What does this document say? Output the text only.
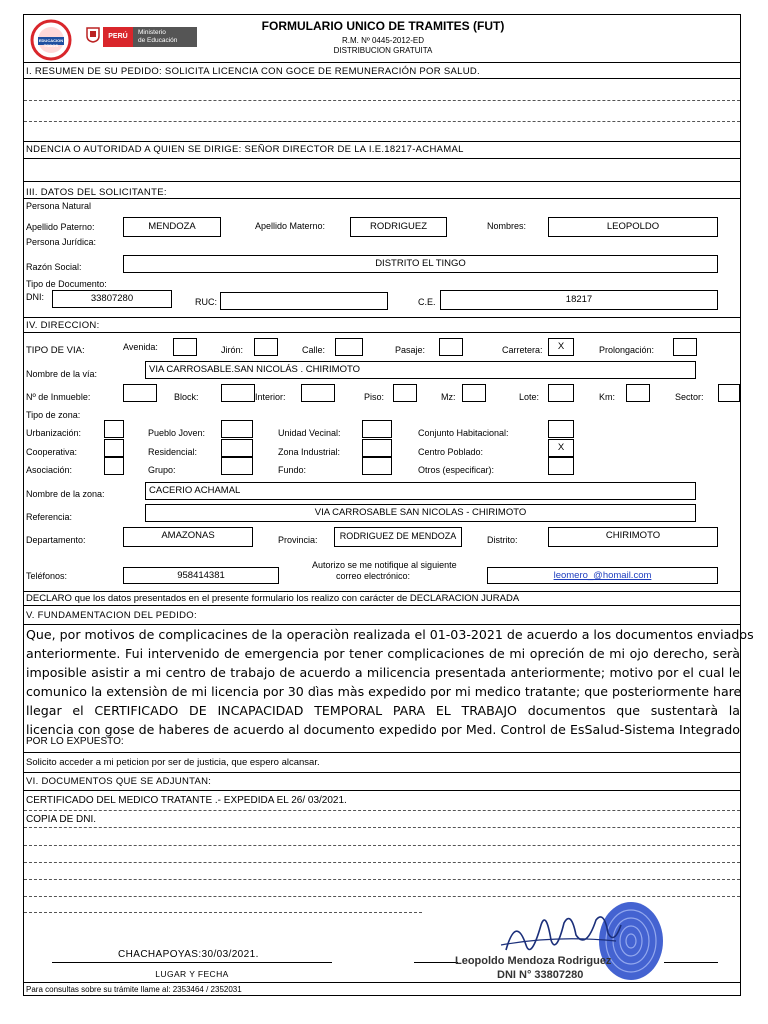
EDUCACION TODOS
PERÚ
Ministerio
de Educación
FORMULARIO UNICO DE TRAMITES (FUT)
R.M. Nº 0445-2012-ED
DISTRIBUCION GRATUITA
I. RESUMEN DE SU PEDIDO: SOLICITA LICENCIA CON GOCE DE REMUNERACIÓN POR SALUD.
NDENCIA O AUTORIDAD A QUIEN SE DIRIGE: SEÑOR DIRECTOR DE LA I.E.18217-ACHAMAL
III. DATOS DEL SOLICITANTE:
Persona Natural
Apellido Paterno:	MENDOZA	Apellido Materno:	RODRIGUEZ	Nombres:	LEOPOLDO
Persona Jurídica:
Razón Social:	DISTRITO EL TINGO
Tipo de Documento:
DNI:	33807280	RUC:	C.E.	18217
IV. DIRECCION:
TIPO DE VIA:	Avenida:	Jirón:	Calle:	Pasaje:	Carretera:	X	Prolongación:
Nombre de la vía:	VIA CARROSABLE.SAN NICOLÁS . CHIRIMOTO
Nº de Inmueble:	Block:	Interior:	Piso:	Mz:	Lote:	Km:	Sector:
Tipo de zona:
Urbanización:	Pueblo Joven:	Unidad Vecinal:	Conjunto Habitacional:
Cooperativa:	Residencial:	Zona Industrial:	Centro Poblado:	X
Asociación:	Grupo:	Fundo:	Otros (especificar):
Nombre de la zona:	CACERIO ACHAMAL
Referencia:	VIA CARROSABLE SAN NICOLAS - CHIRIMOTO
Departamento:	AMAZONAS	Provincia:	RODRIGUEZ DE MENDOZA	Distrito:	CHIRIMOTO
Teléfonos:	958414381
Autorizo se me notifique al siguiente
correo electrónico:	leomero_@homail.com
DECLARO que los datos presentados en el presente formulario los realizo con carácter de DECLARACION JURADA
V. FUNDAMENTACION DEL PEDIDO:
Que, por motivos de complicacines de la operaciòn realizada el 01-03-2021 de acuerdo a los documentos enviados
anteriormente. Fui intervenido de emergencia por tener complicaciones de mi opreción de mi ojo derecho, serà
imposible asistir a mi centro de trabajo de acuerdo a milicencia presentada anteriormente; motivo por el cual le
comunico la extensiòn de mi licencia por 30 dìas màs expedido por mi medico tratante; que posteriormente hare
llegar el CERTIFICADO DE INCAPACIDAD TEMPORAL PARA EL TRABAJO documentos que sustentarà la
licencia con gose de haberes de acuerdo al documento expedido por Med. Control de EsSalud-Sistema Integrado
POR LO EXPUESTO:
Solicito acceder a mi peticion por ser de justicia, que espero alcansar.
VI. DOCUMENTOS QUE SE ADJUNTAN:
CERTIFICADO DEL MEDICO TRATANTE .- EXPEDIDA EL 26/ 03/2021.
COPIA DE DNI.
CHACHAPOYAS:30/03/2021.
LUGAR Y FECHA
Leopoldo Mendoza Rodriguez
DNI N° 33807280
Para consultas sobre su trámite llame al: 2353464 / 2352031
